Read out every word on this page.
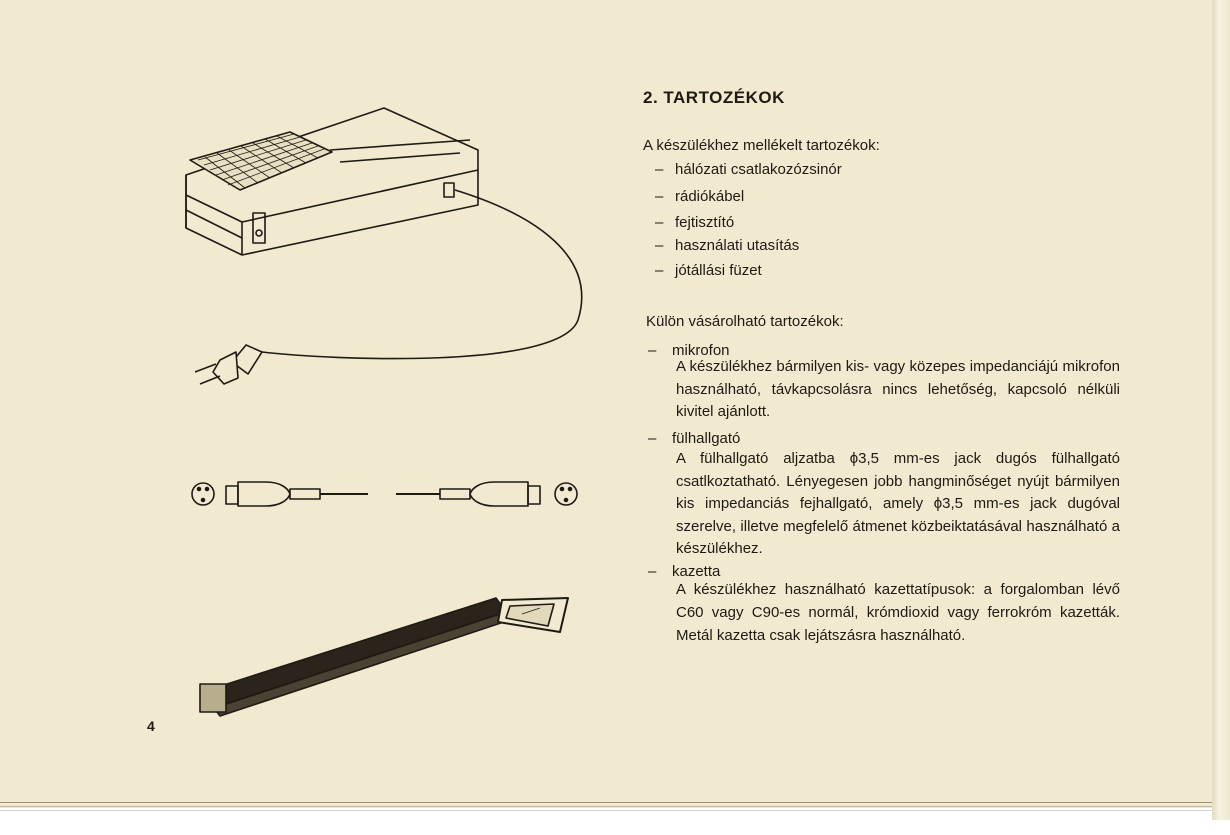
4
2. TARTOZÉKOK
A készülékhez mellékelt tartozékok:
– hálózati csatlakozózsinór
– rádiókábel
– fejtisztító
– használati utasítás
– jótállási füzet
Külön vásárolható tartozékok:
– mikrofon
A készülékhez bármilyen kis- vagy közepes impedanciájú mikrofon használható, távkapcsolásra nincs lehetőség, kapcsoló nélküli kivitel ajánlott.
– fülhallgató
A fülhallgató aljzatba ϕ3,5 mm-es jack dugós fülhallgató csatlkoztatható. Lényegesen jobb hangminőséget nyújt bármilyen kis impedanciás fejhallgató, amely ϕ3,5 mm-es jack dugóval szerelve, illetve megfelelő átmenet közbeiktatásával használható a készülékhez.
– kazetta
A készülékhez használható kazettatípusok: a forgalomban lévő C60 vagy C90-es normál, krómdioxid vagy ferrokróm kazetták. Metál kazetta csak lejátszásra használható.
